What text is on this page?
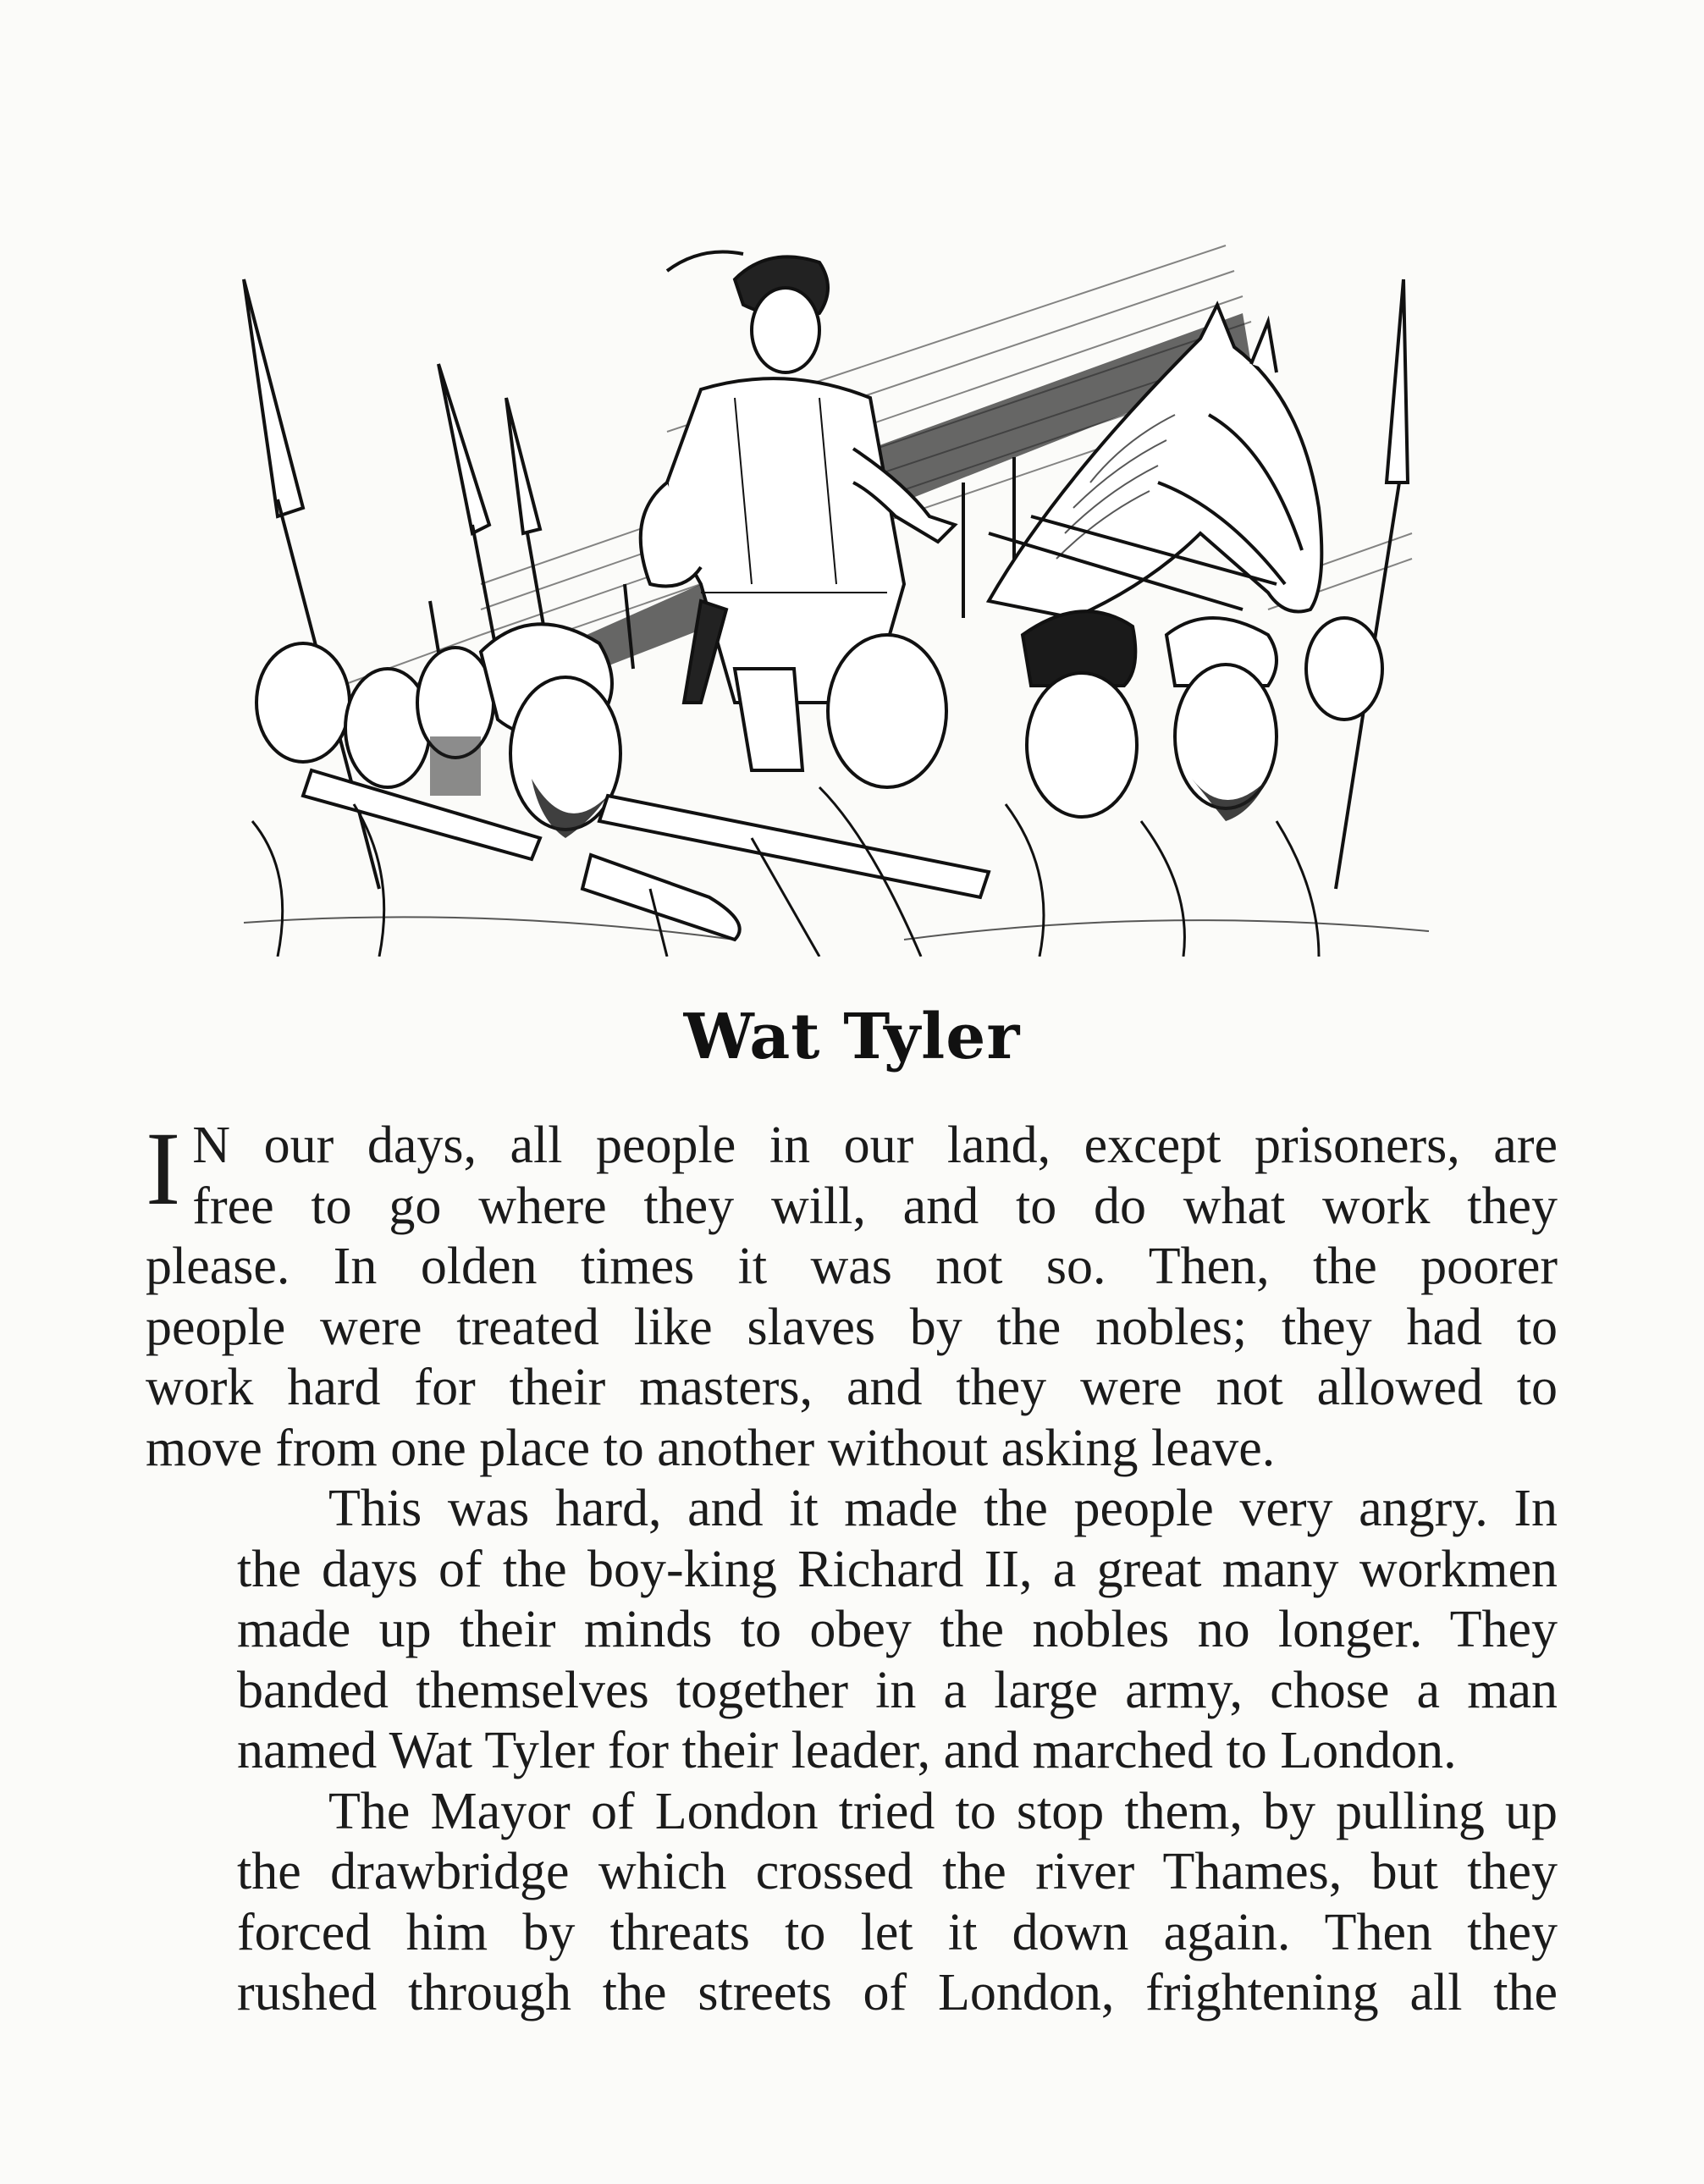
Wat Tyler
I N our days, all people in our land, except prisoners, are
free to go where they will, and to do what work they
please. In olden times it was not so. Then, the poorer
people were treated like slaves by the nobles; they had to
work hard for their masters, and they were not allowed to
move from one place to another without asking leave.
This was hard, and it made the people very angry. In
the days of the boy-king Richard II, a great many workmen
made up their minds to obey the nobles no longer. They
banded themselves together in a large army, chose a man
named Wat Tyler for their leader, and marched to London.
The Mayor of London tried to stop them, by pulling up
the drawbridge which crossed the river Thames, but they
forced him by threats to let it down again. Then they
rushed through the streets of London, frightening all the
